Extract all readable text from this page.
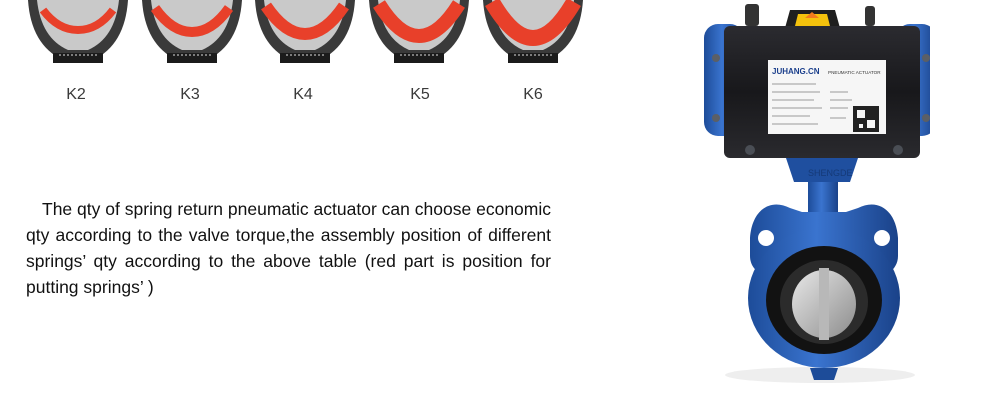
K2	K3	K4	K5	K6
The qty of spring return pneumatic actuator can choose economic qty according to the valve torque,the assembly position of different springs’ qty according to the above table (red part is position for putting springs’ )
JUHANG.CN PNEUMATIC ACTUATOR
SHENGDE
